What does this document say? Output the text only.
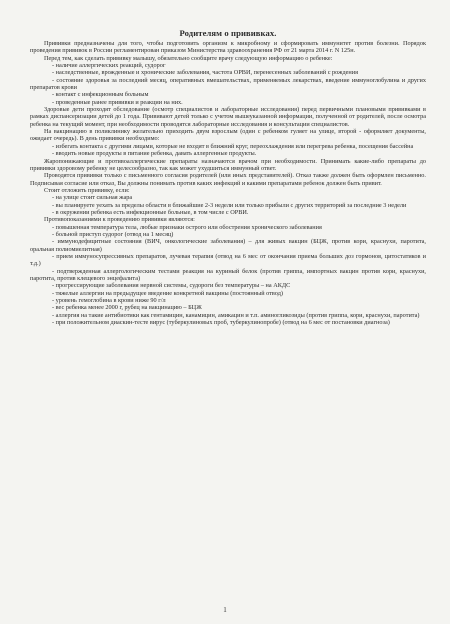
Родителям о прививках.

Прививки предназначены для того, чтобы подготовить организм к микробному и сформировать иммунитет против болезни. Порядок проведения прививок в России регламентирован приказом Министерства здравоохранения РФ от 21 марта 2014 г. N 125н.

Перед тем, как сделать прививку малышу, обязательно сообщите врачу следующую информацию о ребенке:

- наличие аллергических реакций, судорог

- наследственные, врожденные и хронические заболевания, частота ОРВИ, перенесенных заболеваний с рождения

- состояние здоровья за последний месяц, оперативных вмешательствах, применяемых лекарствах, введение иммуноглобулина и других препаратов крови

- контакт с инфекционным больным

- проведенные ранее прививки и реакции на них.

Здоровые дети проходят обследование (осмотр специалистов и лабораторные исследования) перед первичными плановыми прививками в рамках диспансеризации детей до 1 года. Прививают детей только с учетом вышеуказанной информации, полученной от родителей, после осмотра ребенка на текущий момент, при необходимости проводятся лабораторные исследования и консультации специалистов.

На вакцинацию в поликлинику желательно приходить двум взрослым (один с ребенком гуляет на улице, второй - оформляет документы, ожидает очередь). В день прививки необходимо:

- избегать контакта с другими лицами, которые не входят в ближний круг, переохлаждения или перегрева ребенка, посещения бассейна

- вводить новые продукты в питание ребенка, давать аллергенные продукты.

Жаропонижающие и противоаллергические препараты назначаются врачом при необходимости. Принимать какие-либо препараты до прививки здоровому ребенку не целесообразно, так как может ухудшиться иммунный ответ.

Проводятся прививки только с письменного согласия родителей (или иных представителей). Отказ также должен быть оформлен письменно. Подписывая согласие или отказ, Вы должны понимать против каких инфекций и какими препаратами ребенок должен быть привит.

Стоит отложить прививку, если:

- на улице стоит сильная жара

- вы планируете уехать за пределы области в ближайшие 2-3 недели или только прибыли с других территорий за последние 3 недели

- в окружении ребенка есть инфекционные больные, в том числе с ОРВИ.

Противопоказаниями к проведению прививки являются:

- повышенная температура тела, любые признаки острого или обострения хронического заболевания

- больной приступ судорог (отвод на 1 месяц)

- иммунодефицитные состояния (ВИЧ, онкологические заболевания) – для живых вакцин (БЦЖ, против кори, краснухи, паротита, оральная полиомиелитная)

- прием иммуносупрессивных препаратов, лучевая терапия (отвод на 6 мес от окончания приема больших доз гормонов, цитостатиков и т.д.)

- подтвержденная аллергологическим тестами реакция на куриный белок (против гриппа, импортных вакцин против кори, краснухи, паротита, против клещевого энцефалита)

- прогрессирующие заболевания нервной системы, судороги без температуры – на АКДС

- тяжелые аллергии на предыдущее введение конкретной вакцины (постоянный отвод)

- уровень гемоглобина в крови ниже 90 г/л

- вес ребенка менее 2000 г, рубец на вакцинацию – БЦЖ

- аллергия на такие антибиотики как гентамицин, канамицин, амикацин и т.п. аминогликозиды (против гриппа, кори, краснухи, паротита)

- при положительном диаскин-тесте вирус (туберкулиновых проб, туберкулинопробе) (отвод на 6 мес от постановки диагноза)

1
